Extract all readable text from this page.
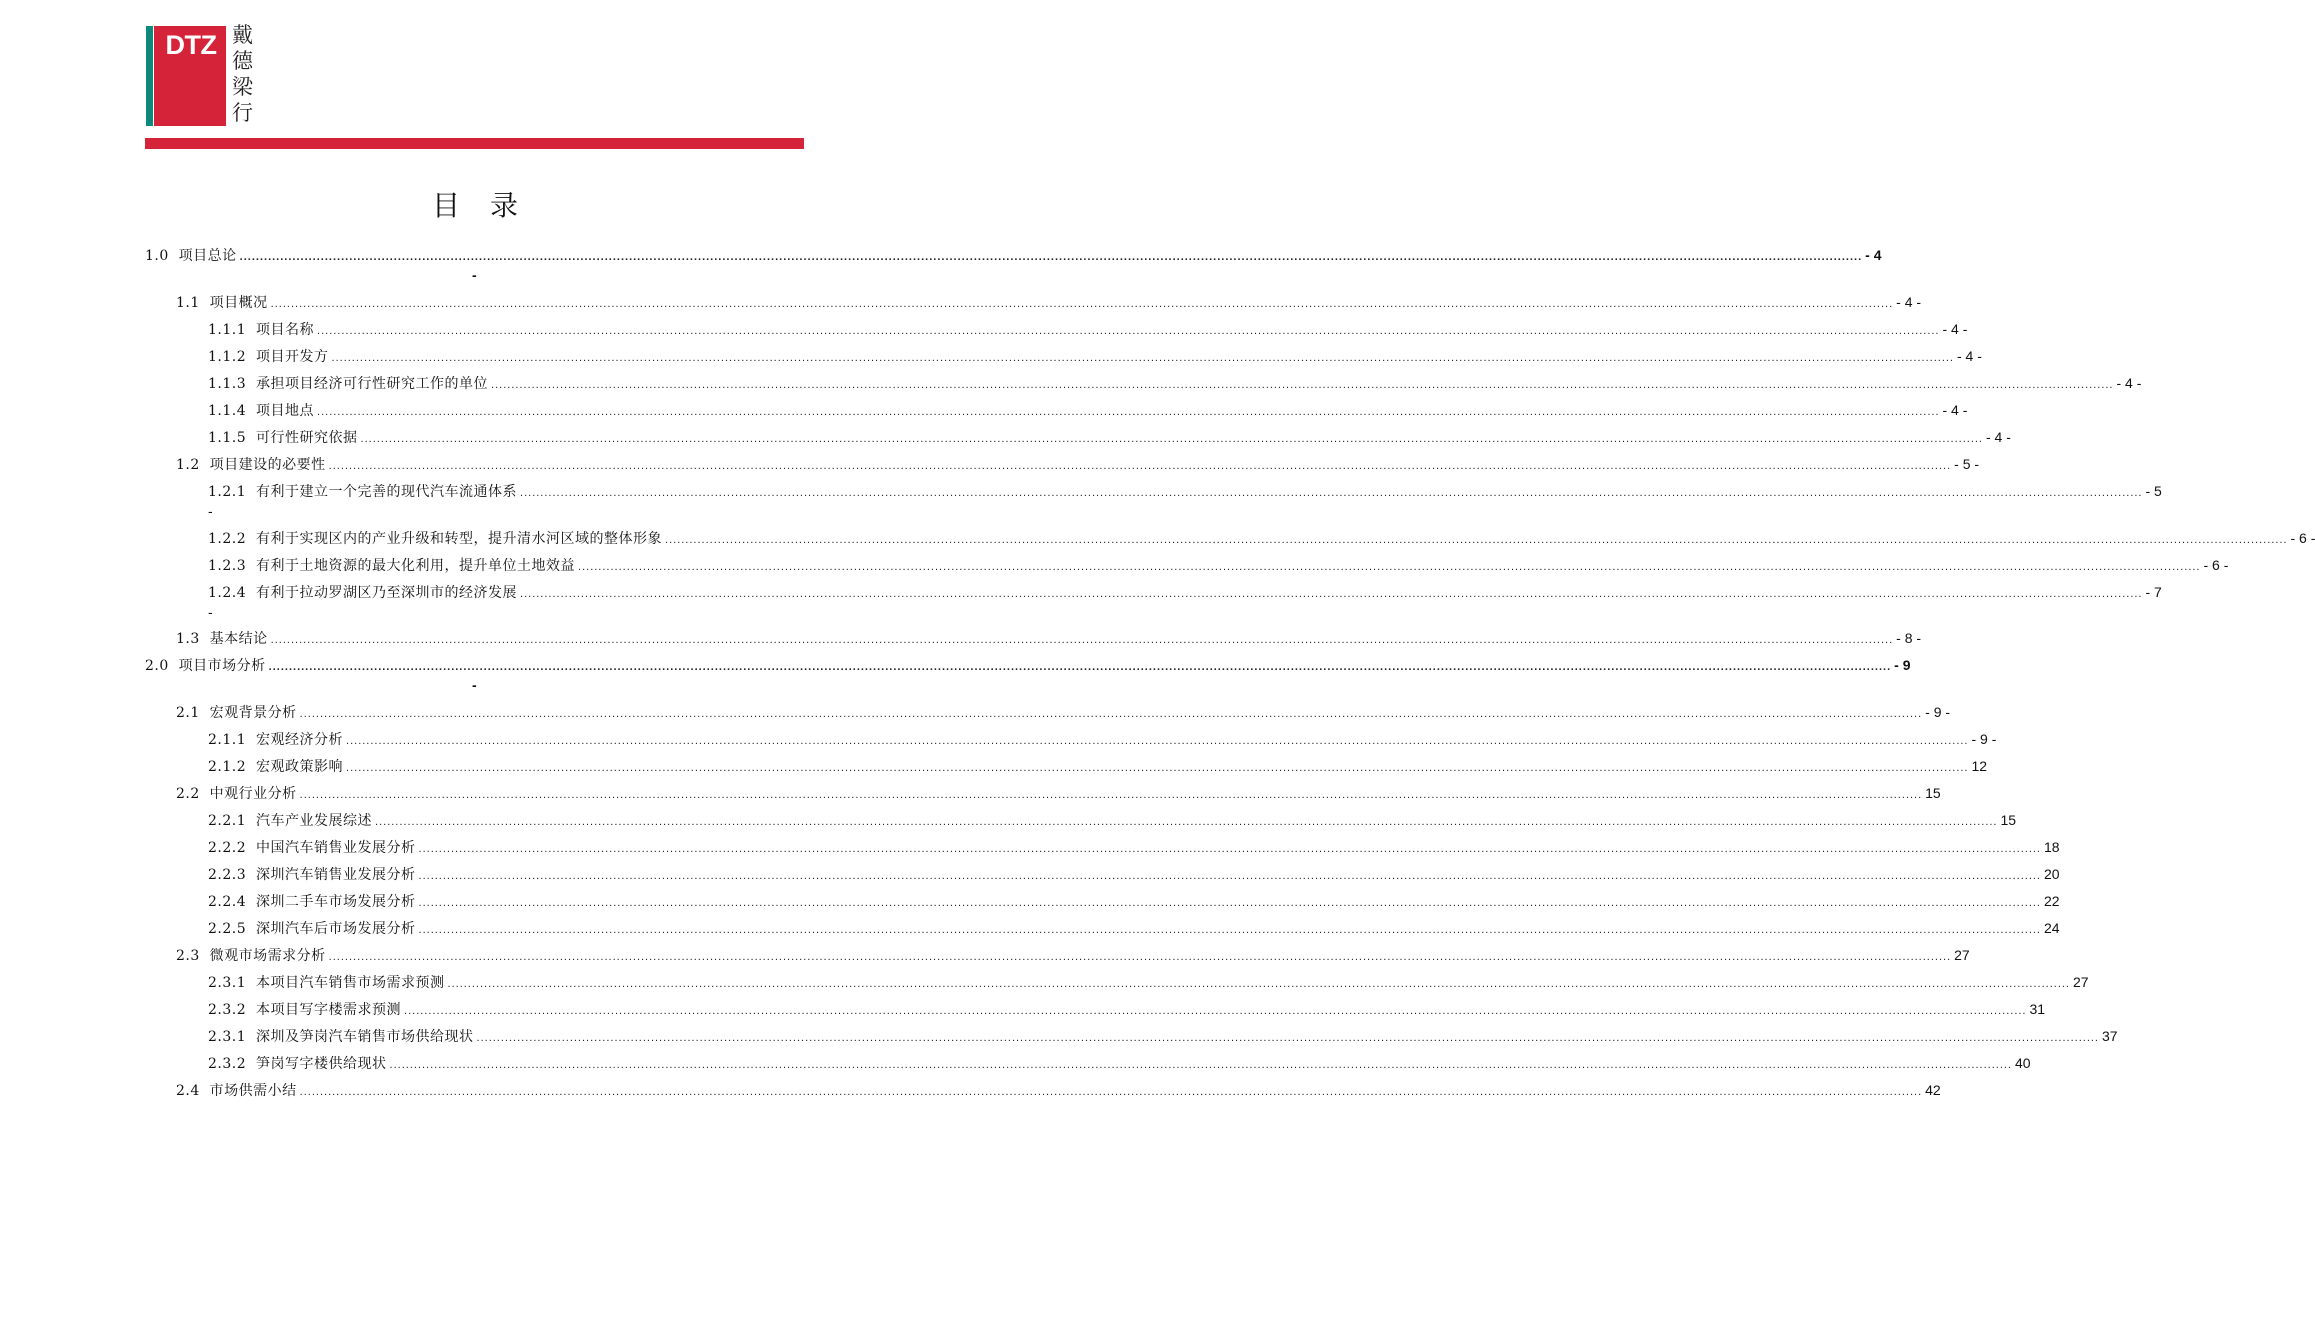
DTZ 戴
德
梁
行
目录
1.0 项目总论 ................................................................................................................................................................................................................................................................................................................................................................................................................ - 4
-
1.1 项目概况 ................................................................................................................................................................................................................................................................................................................................................................................................................ - 4 -
1.1.1 项目名称 ................................................................................................................................................................................................................................................................................................................................................................................................................ - 4 -
1.1.2 项目开发方 ................................................................................................................................................................................................................................................................................................................................................................................................................ - 4 -
1.1.3 承担项目经济可行性研究工作的单位 ................................................................................................................................................................................................................................................................................................................................................................................................................ - 4 -
1.1.4 项目地点 ................................................................................................................................................................................................................................................................................................................................................................................................................ - 4 -
1.1.5 可行性研究依据 ................................................................................................................................................................................................................................................................................................................................................................................................................ - 4 -
1.2 项目建设的必要性 ................................................................................................................................................................................................................................................................................................................................................................................................................ - 5 -
1.2.1 有利于建立一个完善的现代汽车流通体系 ................................................................................................................................................................................................................................................................................................................................................................................................................ - 5
-
1.2.2 有利于实现区内的产业升级和转型，提升清水河区域的整体形象 ................................................................................................................................................................................................................................................................................................................................................................................................................ - 6 -
1.2.3 有利于土地资源的最大化利用，提升单位土地效益 ................................................................................................................................................................................................................................................................................................................................................................................................................ - 6 -
1.2.4 有利于拉动罗湖区乃至深圳市的经济发展 ................................................................................................................................................................................................................................................................................................................................................................................................................ - 7
-
1.3 基本结论 ................................................................................................................................................................................................................................................................................................................................................................................................................ - 8 -
2.0 项目市场分析 ................................................................................................................................................................................................................................................................................................................................................................................................................ - 9
-
2.1 宏观背景分析 ................................................................................................................................................................................................................................................................................................................................................................................................................ - 9 -
2.1.1 宏观经济分析 ................................................................................................................................................................................................................................................................................................................................................................................................................ - 9 -
2.1.2 宏观政策影响 ................................................................................................................................................................................................................................................................................................................................................................................................................ 12
2.2 中观行业分析 ................................................................................................................................................................................................................................................................................................................................................................................................................ 15
2.2.1 汽车产业发展综述 ................................................................................................................................................................................................................................................................................................................................................................................................................ 15
2.2.2 中国汽车销售业发展分析 ................................................................................................................................................................................................................................................................................................................................................................................................................ 18
2.2.3 深圳汽车销售业发展分析 ................................................................................................................................................................................................................................................................................................................................................................................................................ 20
2.2.4 深圳二手车市场发展分析 ................................................................................................................................................................................................................................................................................................................................................................................................................ 22
2.2.5 深圳汽车后市场发展分析 ................................................................................................................................................................................................................................................................................................................................................................................................................ 24
2.3 微观市场需求分析 ................................................................................................................................................................................................................................................................................................................................................................................................................ 27
2.3.1 本项目汽车销售市场需求预测 ................................................................................................................................................................................................................................................................................................................................................................................................................ 27
2.3.2 本项目写字楼需求预测 ................................................................................................................................................................................................................................................................................................................................................................................................................ 31
2.3.1 深圳及笋岗汽车销售市场供给现状 ................................................................................................................................................................................................................................................................................................................................................................................................................ 37
2.3.2 笋岗写字楼供给现状 ................................................................................................................................................................................................................................................................................................................................................................................................................ 40
2.4 市场供需小结 ................................................................................................................................................................................................................................................................................................................................................................................................................ 42
